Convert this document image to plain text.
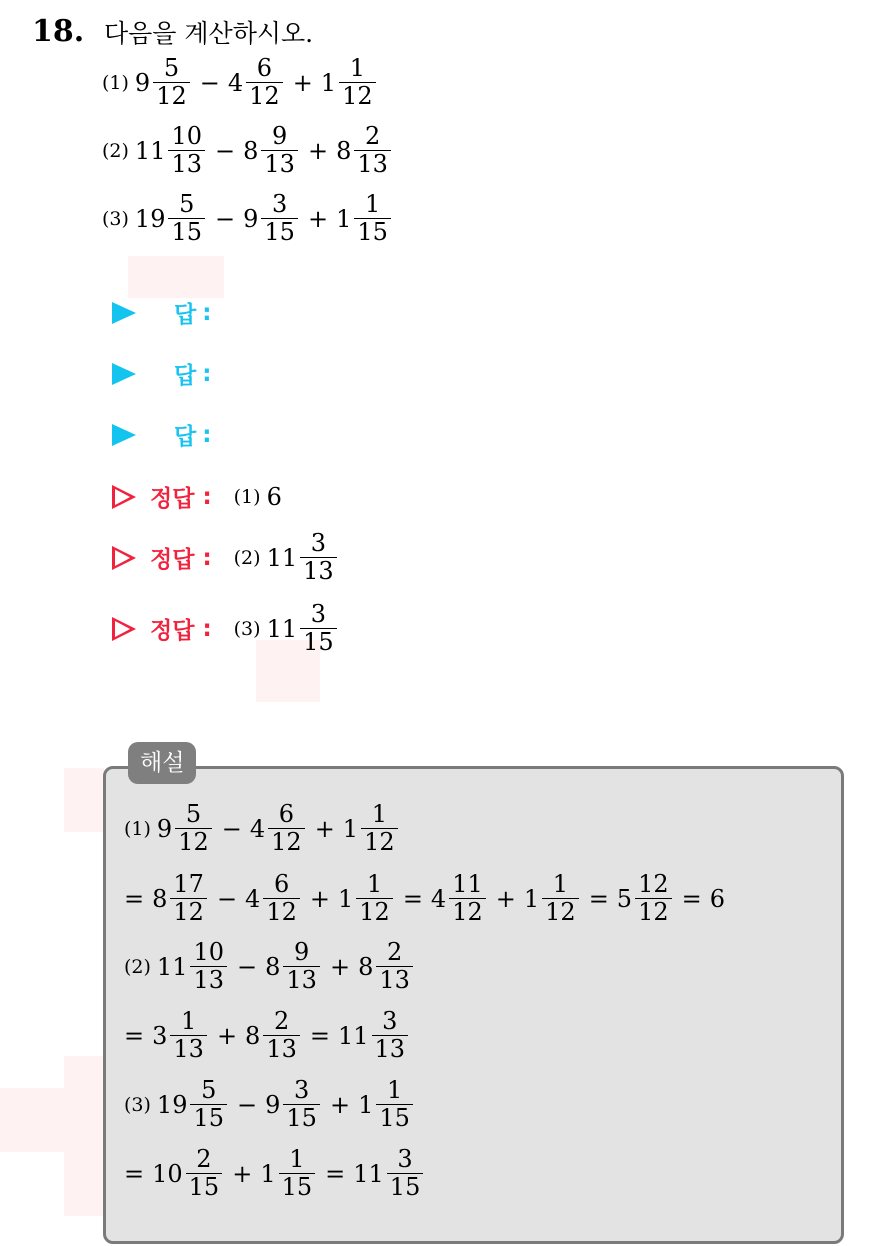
18. 다음을 계산하시오.
(1) $9 \frac{5}{12} - 4 \frac{6}{12} + 1 \frac{1}{12}$
(2) $11 \frac{10}{13} - 8 \frac{9}{13} + 8 \frac{2}{13}$
(3) $19 \frac{5}{15} - 9 \frac{3}{15} + 1 \frac{1}{15}$
답 :
답 :
답 :
정답 : (1) 6
정답 : (2) $11 \frac{3}{13}$
정답 : (3) $11 \frac{3}{15}$
해설
(1) $9 \frac{5}{12} - 4 \frac{6}{12} + 1 \frac{1}{12}$
= $8 \frac{17}{12} - 4 \frac{6}{12} + 1 \frac{1}{12} = 4 \frac{11}{12} + 1 \frac{1}{12} = 5 \frac{12}{12} = 6$
(2) $11 \frac{10}{13} - 8 \frac{9}{13} + 8 \frac{2}{13}$
= $3 \frac{1}{13} + 8 \frac{2}{13} = 11 \frac{3}{13}$
(3) $19 \frac{5}{15} - 9 \frac{3}{15} + 1 \frac{1}{15}$
= $10 \frac{2}{15} + 1 \frac{1}{15} = 11 \frac{3}{15}$
